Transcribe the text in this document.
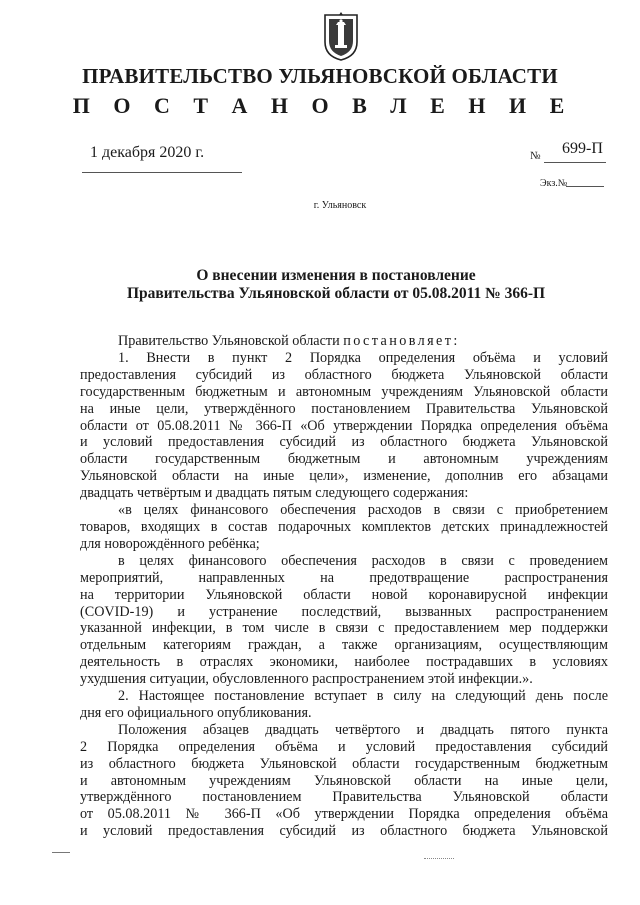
ПРАВИТЕЛЬСТВО УЛЬЯНОВСКОЙ ОБЛАСТИ
П О С Т А Н О В Л Е Н И Е
1 декабря 2020 г.	№ 699-П
Экз.№
г. Ульяновск
О внесении изменения в постановление
Правительства Ульяновской области от 05.08.2011 № 366-П

Правительство Ульяновской области постановляет:

1. Внести в пункт 2 Порядка определения объёма и условий

предоставления субсидий из областного бюджета Ульяновской области

государственным бюджетным и автономным учреждениям Ульяновской области

на иные цели, утверждённого постановлением Правительства Ульяновской

области от 05.08.2011 № 366-П «Об утверждении Порядка определения объёма

и условий предоставления субсидий из областного бюджета Ульяновской

области государственным бюджетным и автономным учреждениям

Ульяновской области на иные цели», изменение, дополнив его абзацами

двадцать четвёртым и двадцать пятым следующего содержания:

«в целях финансового обеспечения расходов в связи с приобретением

товаров, входящих в состав подарочных комплектов детских принадлежностей

для новорождённого ребёнка;

в целях финансового обеспечения расходов в связи с проведением

мероприятий, направленных на предотвращение распространения

на территории Ульяновской области новой коронавирусной инфекции

(COVID-19) и устранение последствий, вызванных распространением

указанной инфекции, в том числе в связи с предоставлением мер поддержки

отдельным категориям граждан, а также организациям, осуществляющим

деятельность в отраслях экономики, наиболее пострадавших в условиях

ухудшения ситуации, обусловленного распространением этой инфекции.».

2. Настоящее постановление вступает в силу на следующий день после

дня его официального опубликования.

Положения абзацев двадцать четвёртого и двадцать пятого пункта

2 Порядка определения объёма и условий предоставления субсидий

из областного бюджета Ульяновской области государственным бюджетным

и автономным учреждениям Ульяновской области на иные цели,

утверждённого постановлением Правительства Ульяновской области

от 05.08.2011 № 366-П «Об утверждении Порядка определения объёма

и условий предоставления субсидий из областного бюджета Ульяновской
